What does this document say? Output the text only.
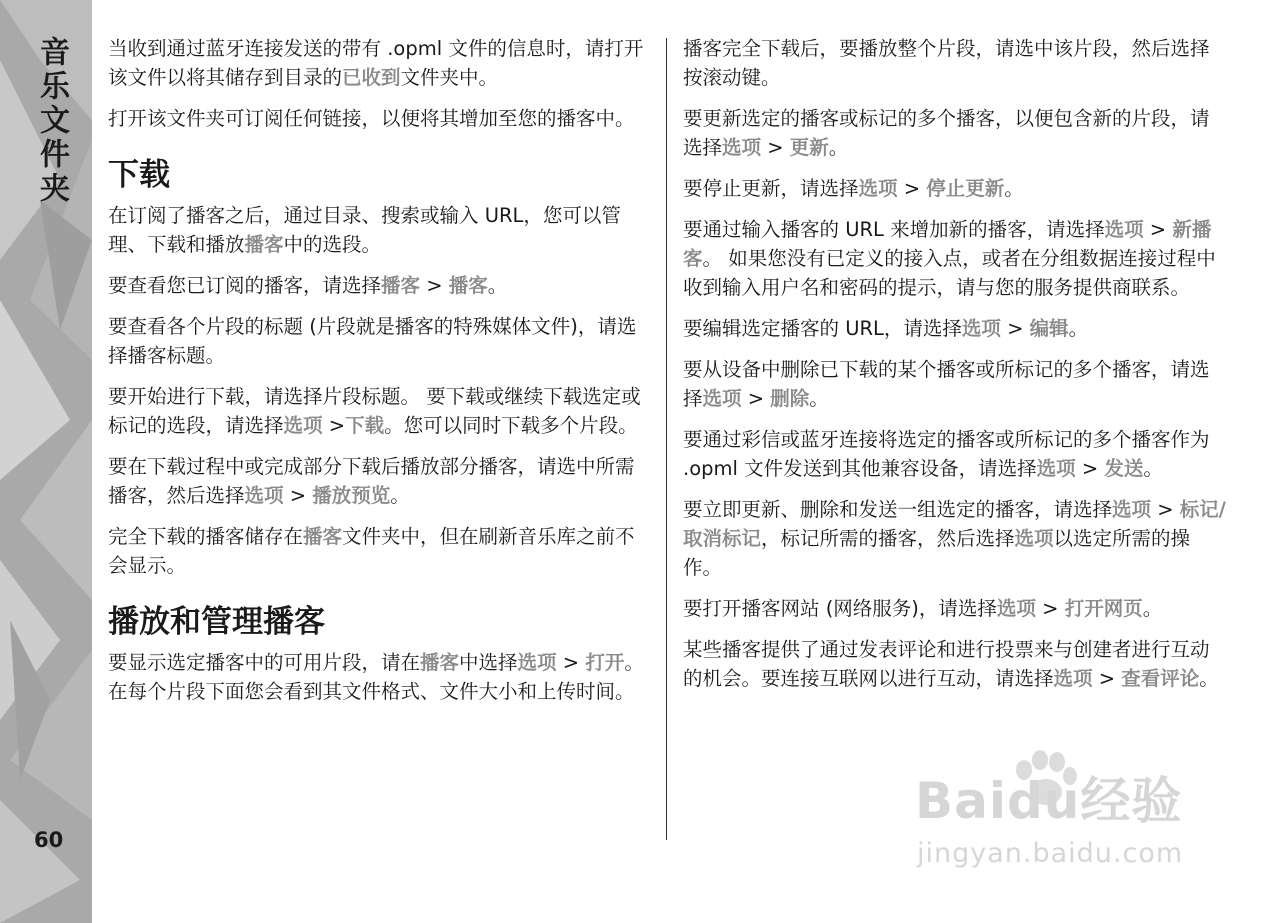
音乐文件夹
60

当收到通过蓝牙连接发送的带有 .opml 文件的信息时，请打开该文件以将其储存到目录的已收到文件夹中。

打开该文件夹可订阅任何链接，以便将其增加至您的播客中。

下载

在订阅了播客之后，通过目录、搜索或输入 URL，您可以管理、下载和播放播客中的选段。

要查看您已订阅的播客，请选择播客 > 播客。

要查看各个片段的标题 (片段就是播客的特殊媒体文件)，请选择播客标题。

要开始进行下载，请选择片段标题。 要下载或继续下载选定或标记的选段，请选择选项 >下载。您可以同时下载多个片段。

要在下载过程中或完成部分下载后播放部分播客，请选中所需播客，然后选择选项 > 播放预览。

完全下载的播客储存在播客文件夹中，但在刷新音乐库之前不会显示。

播放和管理播客

要显示选定播客中的可用片段，请在播客中选择选项 > 打开。 在每个片段下面您会看到其文件格式、文件大小和上传时间。

播客完全下载后，要播放整个片段，请选中该片段，然后选择按滚动键。

要更新选定的播客或标记的多个播客，以便包含新的片段，请选择选项 > 更新。

要停止更新，请选择选项 > 停止更新。

要通过输入播客的 URL 来增加新的播客，请选择选项 > 新播客。 如果您没有已定义的接入点，或者在分组数据连接过程中收到输入用户名和密码的提示，请与您的服务提供商联系。

要编辑选定播客的 URL，请选择选项 > 编辑。

要从设备中删除已下载的某个播客或所标记的多个播客，请选择选项 > 删除。

要通过彩信或蓝牙连接将选定的播客或所标记的多个播客作为 .opml 文件发送到其他兼容设备，请选择选项 > 发送。

要立即更新、删除和发送一组选定的播客，请选择选项 > 标记/取消标记，标记所需的播客，然后选择选项以选定所需的操作。

要打开播客网站 (网络服务)，请选择选项 > 打开网页。

某些播客提供了通过发表评论和进行投票来与创建者进行互动的机会。要连接互联网以进行互动，请选择选项 > 查看评论。

Baidu经验
jingyan.baidu.com
